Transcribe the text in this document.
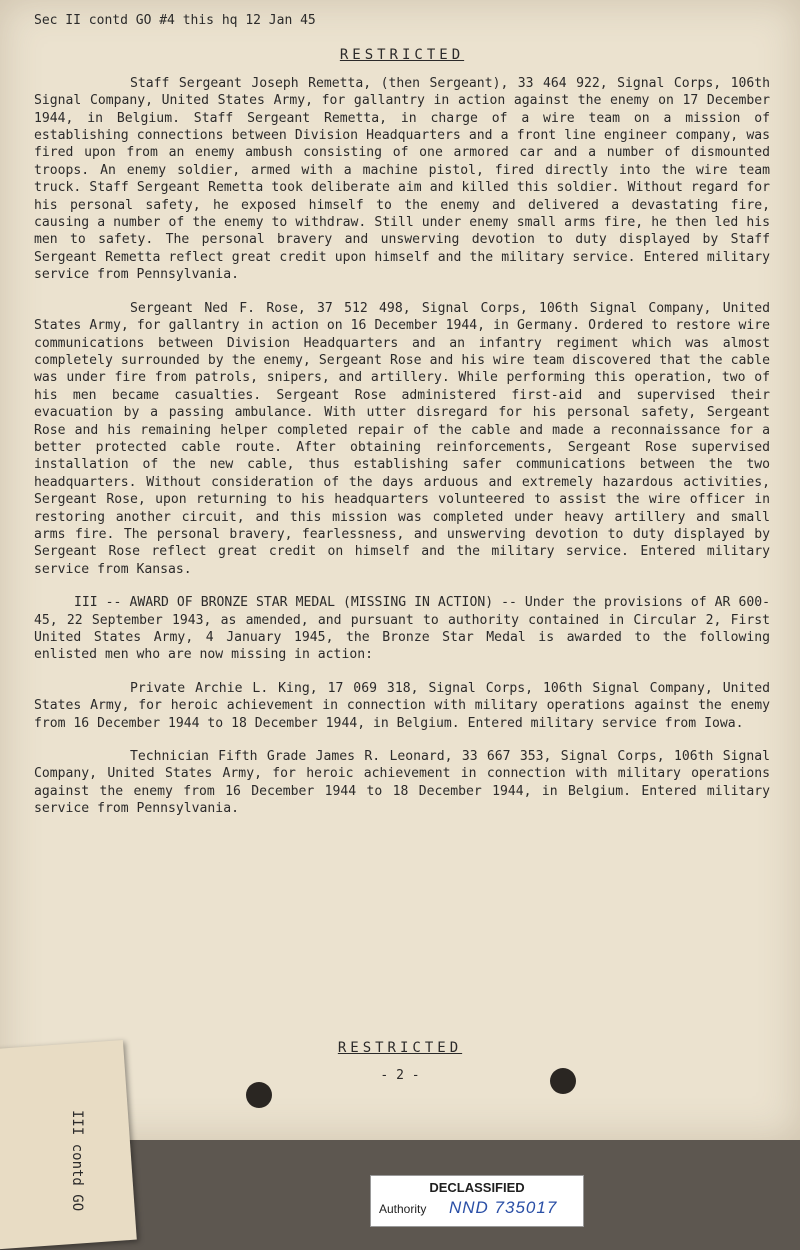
Sec II contd GO #4 this hq 12 Jan 45
RESTRICTED

Staff Sergeant Joseph Remetta, (then Sergeant), 33 464 922, Signal Corps, 106th Signal Company, United States Army, for gallantry in action against the enemy on 17 December 1944, in Belgium. Staff Sergeant Remetta, in charge of a wire team on a mission of establishing connections between Division Headquarters and a front line engineer company, was fired upon from an enemy ambush consisting of one armored car and a number of dismounted troops. An enemy soldier, armed with a machine pistol, fired directly into the wire team truck. Staff Sergeant Remetta took deliberate aim and killed this soldier. Without regard for his personal safety, he exposed himself to the enemy and delivered a devastating fire, causing a number of the enemy to withdraw. Still under enemy small arms fire, he then led his men to safety. The personal bravery and unswerving devotion to duty displayed by Staff Sergeant Remetta reflect great credit upon himself and the military service. Entered military service from Pennsylvania.

Sergeant Ned F. Rose, 37 512 498, Signal Corps, 106th Signal Company, United States Army, for gallantry in action on 16 December 1944, in Germany. Ordered to restore wire communications between Division Headquarters and an infantry regiment which was almost completely surrounded by the enemy, Sergeant Rose and his wire team discovered that the cable was under fire from patrols, snipers, and artillery. While performing this operation, two of his men became casualties. Sergeant Rose administered first-aid and supervised their evacuation by a passing ambulance. With utter disregard for his personal safety, Sergeant Rose and his remaining helper completed repair of the cable and made a reconnaissance for a better protected cable route. After obtaining reinforcements, Sergeant Rose supervised installation of the new cable, thus establishing safer communications between the two headquarters. Without consideration of the days arduous and extremely hazardous activities, Sergeant Rose, upon returning to his headquarters volunteered to assist the wire officer in restoring another circuit, and this mission was completed under heavy artillery and small arms fire. The personal bravery, fearlessness, and unswerving devotion to duty displayed by Sergeant Rose reflect great credit on himself and the military service. Entered military service from Kansas.

III -- AWARD OF BRONZE STAR MEDAL (MISSING IN ACTION) -- Under the provisions of AR 600-45, 22 September 1943, as amended, and pursuant to authority contained in Circular 2, First United States Army, 4 January 1945, the Bronze Star Medal is awarded to the following enlisted men who are now missing in action:

Private Archie L. King, 17 069 318, Signal Corps, 106th Signal Company, United States Army, for heroic achievement in connection with military operations against the enemy from 16 December 1944 to 18 December 1944, in Belgium. Entered military service from Iowa.

Technician Fifth Grade James R. Leonard, 33 667 353, Signal Corps, 106th Signal Company, United States Army, for heroic achievement in connection with military operations against the enemy from 16 December 1944 to 18 December 1944, in Belgium. Entered military service from Pennsylvania.

RESTRICTED
- 2 -
III contd GO	DECLASSIFIED
Authority NND 735017
